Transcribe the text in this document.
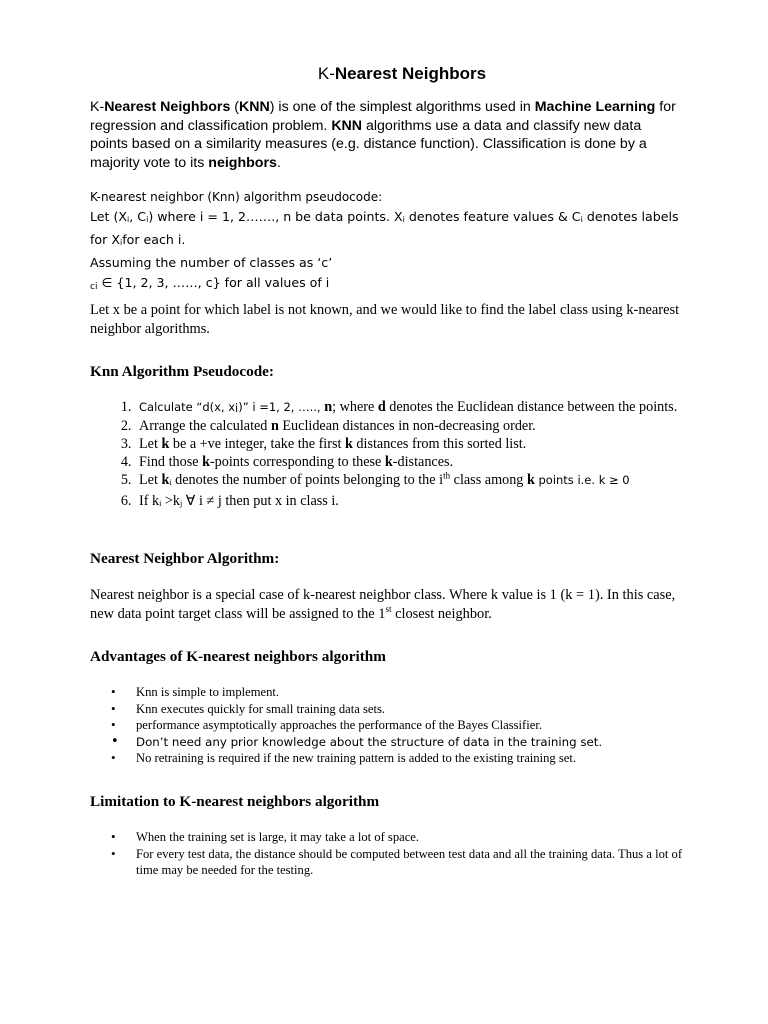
K-Nearest Neighbors

K-Nearest Neighbors (KNN) is one of the simplest algorithms used in Machine Learning for regression and classification problem. KNN algorithms use a data and classify new data points based on a similarity measures (e.g. distance function). Classification is done by a majority vote to its neighbors.

K-nearest neighbor (Knn) algorithm pseudocode:
Let (Xi, Ci) where i = 1, 2……., n be data points. Xi denotes feature values & Ci denotes labels for Xifor each i.
Assuming the number of classes as ‘c’
$_{ci}$ ∈ {1, 2, 3, ……, c} for all values of i

Let x be a point for which label is not known, and we would like to find the label class using k-nearest neighbor algorithms.

Knn Algorithm Pseudocode:
1. Calculate “d(x, xi)” i =1, 2, ….., n; where d denotes the Euclidean distance between the points.
2. Arrange the calculated n Euclidean distances in non-decreasing order.
3. Let k be a +ve integer, take the first k distances from this sorted list.
4. Find those k-points corresponding to these k-distances.
5. Let ki denotes the number of points belonging to the $i^{th}$ class among k points i.e. k ≥ 0
6. If ki >kj ∀ i ≠ j then put x in class i.
Nearest Neighbor Algorithm:

Nearest neighbor is a special case of k-nearest neighbor class. Where k value is 1 (k = 1). In this case, new data point target class will be assigned to the 1st closest neighbor.

Advantages of K-nearest neighbors algorithm
• Knn is simple to implement.
• Knn executes quickly for small training data sets.
• performance asymptotically approaches the performance of the Bayes Classifier.
• Don’t need any prior knowledge about the structure of data in the training set.
• No retraining is required if the new training pattern is added to the existing training set.
Limitation to K-nearest neighbors algorithm
• When the training set is large, it may take a lot of space.
• For every test data, the distance should be computed between test data and all the training data. Thus a lot of time may be needed for the testing.
